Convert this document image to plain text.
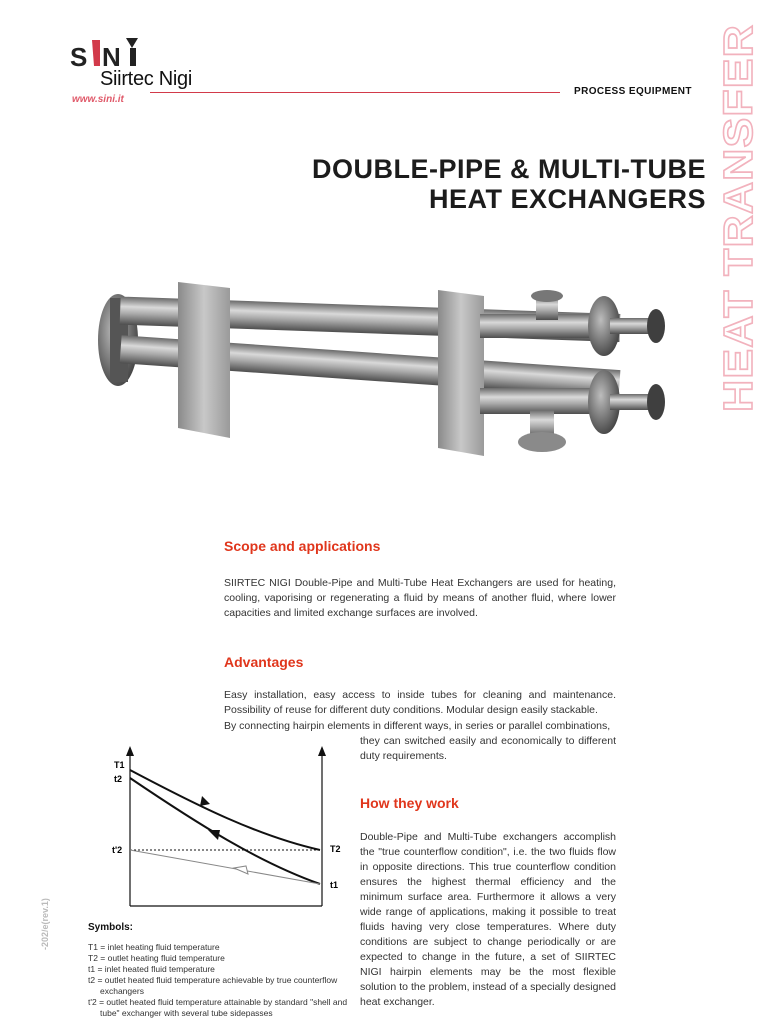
S N
Siirtec Nigi
www.sini.it
PROCESS EQUIPMENT HEAT TRANSFER
DOUBLE-PIPE & MULTI-TUBE
HEAT EXCHANGERS
Scope and applications
SIIRTEC NIGI Double-Pipe and Multi-Tube Heat Exchangers are used for heating, cooling, vaporising or regenerating a fluid by means of another fluid, where lower capacities and limited exchange surfaces are involved.
Advantages
Easy installation, easy access to inside tubes for cleaning and maintenance. Possibility of reuse for different duty conditions. Modular design easily stackable.
By connecting hairpin elements in different ways, in series or parallel combinations,
they can switched easily and economically to different duty requirements.
T1
t2
t'2	T2
t1
How they work
Double-Pipe and Multi-Tube exchangers accomplish the "true counterflow condition", i.e. the two fluids flow in opposite directions. This true counterflow condition ensures the highest thermal efficiency and the minimum surface area. Furthermore it allows a very wide range of applications, making it possible to treat fluids having very close temperatures. Where duty conditions are subject to change periodically or are expected to change in the future, a set of SIIRTEC NIGI hairpin elements may be the most flexible solution to the problem, instead of a specially designed heat exchanger.
Symbols:
T1 = inlet heating fluid temperature
T2 = outlet heating fluid temperature
t1 = inlet heated fluid temperature
t2 = outlet heated fluid temperature achievable by true counterflow
exchangers
t'2 = outlet heated fluid temperature attainable by standard "shell and
tube" exchanger with several tube sidepasses
-202/e(rev.1)
